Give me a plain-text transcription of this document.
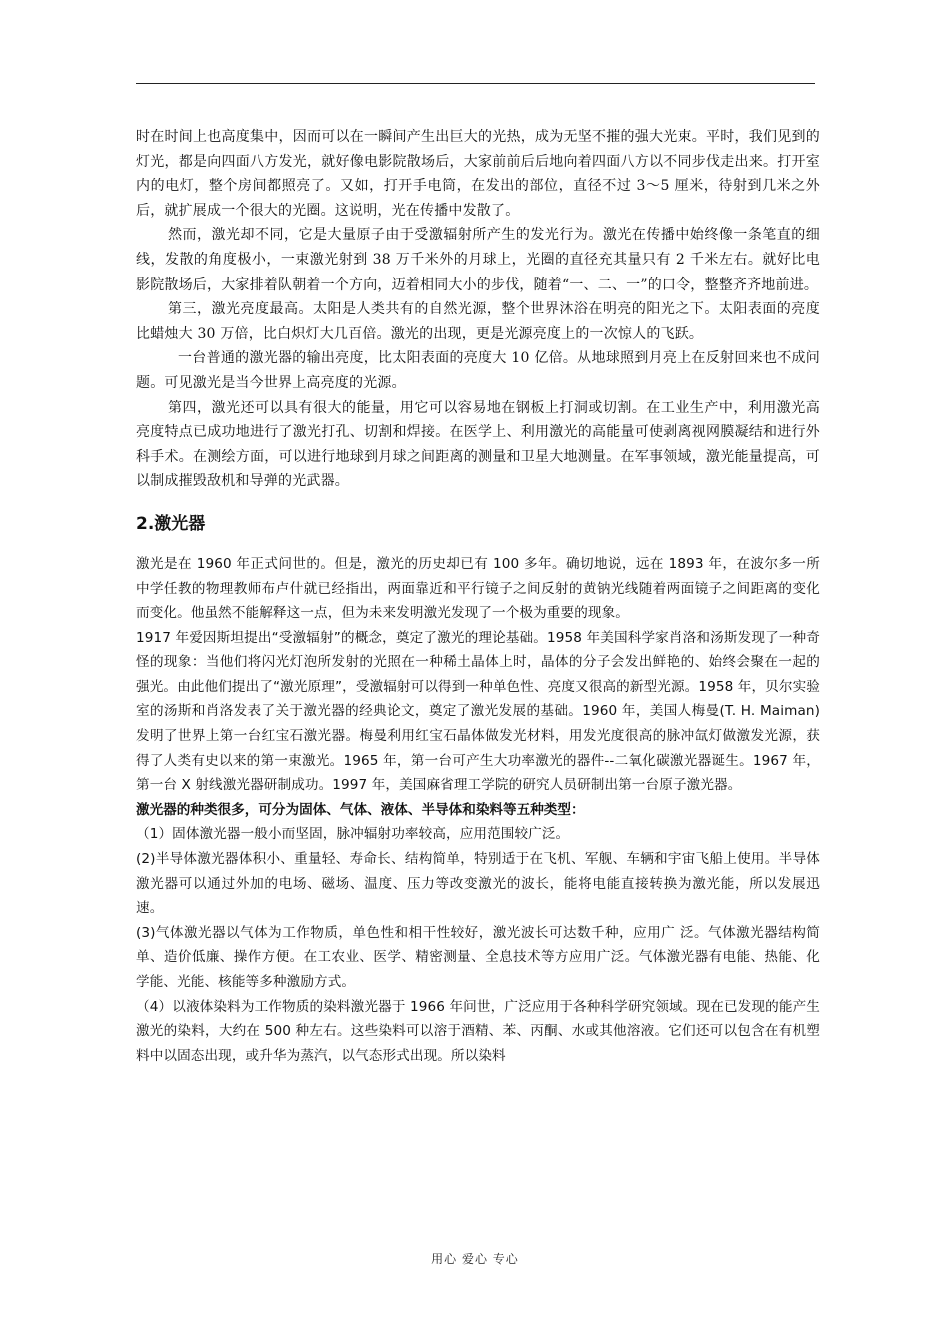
时在时间上也高度集中，因而可以在一瞬间产生出巨大的光热，成为无坚不摧的强大光束。平时，我们见到的灯光，都是向四面八方发光，就好像电影院散场后，大家前前后后地向着四面八方以不同步伐走出来。打开室内的电灯，整个房间都照亮了。又如，打开手电筒，在发出的部位，直径不过 3～5 厘米，待射到几米之外后，就扩展成一个很大的光圈。这说明，光在传播中发散了。

然而，激光却不同，它是大量原子由于受激辐射所产生的发光行为。激光在传播中始终像一条笔直的细线，发散的角度极小，一束激光射到 38 万千米外的月球上，光圈的直径充其量只有 2 千米左右。就好比电影院散场后，大家排着队朝着一个方向，迈着相同大小的步伐，随着“一、二、一”的口令，整整齐齐地前进。

第三，激光亮度最高。太阳是人类共有的自然光源，整个世界沐浴在明亮的阳光之下。太阳表面的亮度比蜡烛大 30 万倍，比白炽灯大几百倍。激光的出现，更是光源亮度上的一次惊人的飞跃。

一台普通的激光器的输出亮度，比太阳表面的亮度大 10 亿倍。从地球照到月亮上在反射回来也不成问题。可见激光是当今世界上高亮度的光源。

第四，激光还可以具有很大的能量，用它可以容易地在钢板上打洞或切割。在工业生产中，利用激光高亮度特点已成功地进行了激光打孔、切割和焊接。在医学上、利用激光的高能量可使剥离视网膜凝结和进行外科手术。在测绘方面，可以进行地球到月球之间距离的测量和卫星大地测量。在军事领域，激光能量提高，可以制成摧毁敌机和导弹的光武器。

2.激光器

激光是在 1960 年正式问世的。但是，激光的历史却已有 100 多年。确切地说，远在 1893 年，在波尔多一所中学任教的物理教师布卢什就已经指出，两面靠近和平行镜子之间反射的黄钠光线随着两面镜子之间距离的变化而变化。他虽然不能解释这一点，但为未来发明激光发现了一个极为重要的现象。

1917 年爱因斯坦提出“受激辐射”的概念，奠定了激光的理论基础。1958 年美国科学家肖洛和汤斯发现了一种奇怪的现象：当他们将闪光灯泡所发射的光照在一种稀土晶体上时，晶体的分子会发出鲜艳的、始终会聚在一起的强光。由此他们提出了“激光原理”，受激辐射可以得到一种单色性、亮度又很高的新型光源。1958 年，贝尔实验室的汤斯和肖洛发表了关于激光器的经典论文，奠定了激光发展的基础。1960 年，美国人梅曼(T. H. Maiman)发明了世界上第一台红宝石激光器。梅曼利用红宝石晶体做发光材料，用发光度很高的脉冲氙灯做激发光源，获得了人类有史以来的第一束激光。1965 年，第一台可产生大功率激光的器件--二氧化碳激光器诞生。1967 年，第一台 X 射线激光器研制成功。1997 年，美国麻省理工学院的研究人员研制出第一台原子激光器。

激光器的种类很多，可分为固体、气体、液体、半导体和染料等五种类型：

（1）固体激光器一般小而坚固，脉冲辐射功率较高，应用范围较广泛。

(2)半导体激光器体积小、重量轻、寿命长、结构简单，特别适于在飞机、军舰、车辆和宇宙飞船上使用。半导体激光器可以通过外加的电场、磁场、温度、压力等改变激光的波长，能将电能直接转换为激光能，所以发展迅速。

(3)气体激光器以气体为工作物质，单色性和相干性较好，激光波长可达数千种，应用广 泛。气体激光器结构简单、造价低廉、操作方便。在工农业、医学、精密测量、全息技术等方应用广泛。气体激光器有电能、热能、化学能、光能、核能等多种激励方式。

（4）以液体染料为工作物质的染料激光器于 1966 年问世，广泛应用于各种科学研究领域。现在已发现的能产生激光的染料，大约在 500 种左右。这些染料可以溶于酒精、苯、丙酮、水或其他溶液。它们还可以包含在有机塑料中以固态出现，或升华为蒸汽，以气态形式出现。所以染料

用心 爱心 专心
